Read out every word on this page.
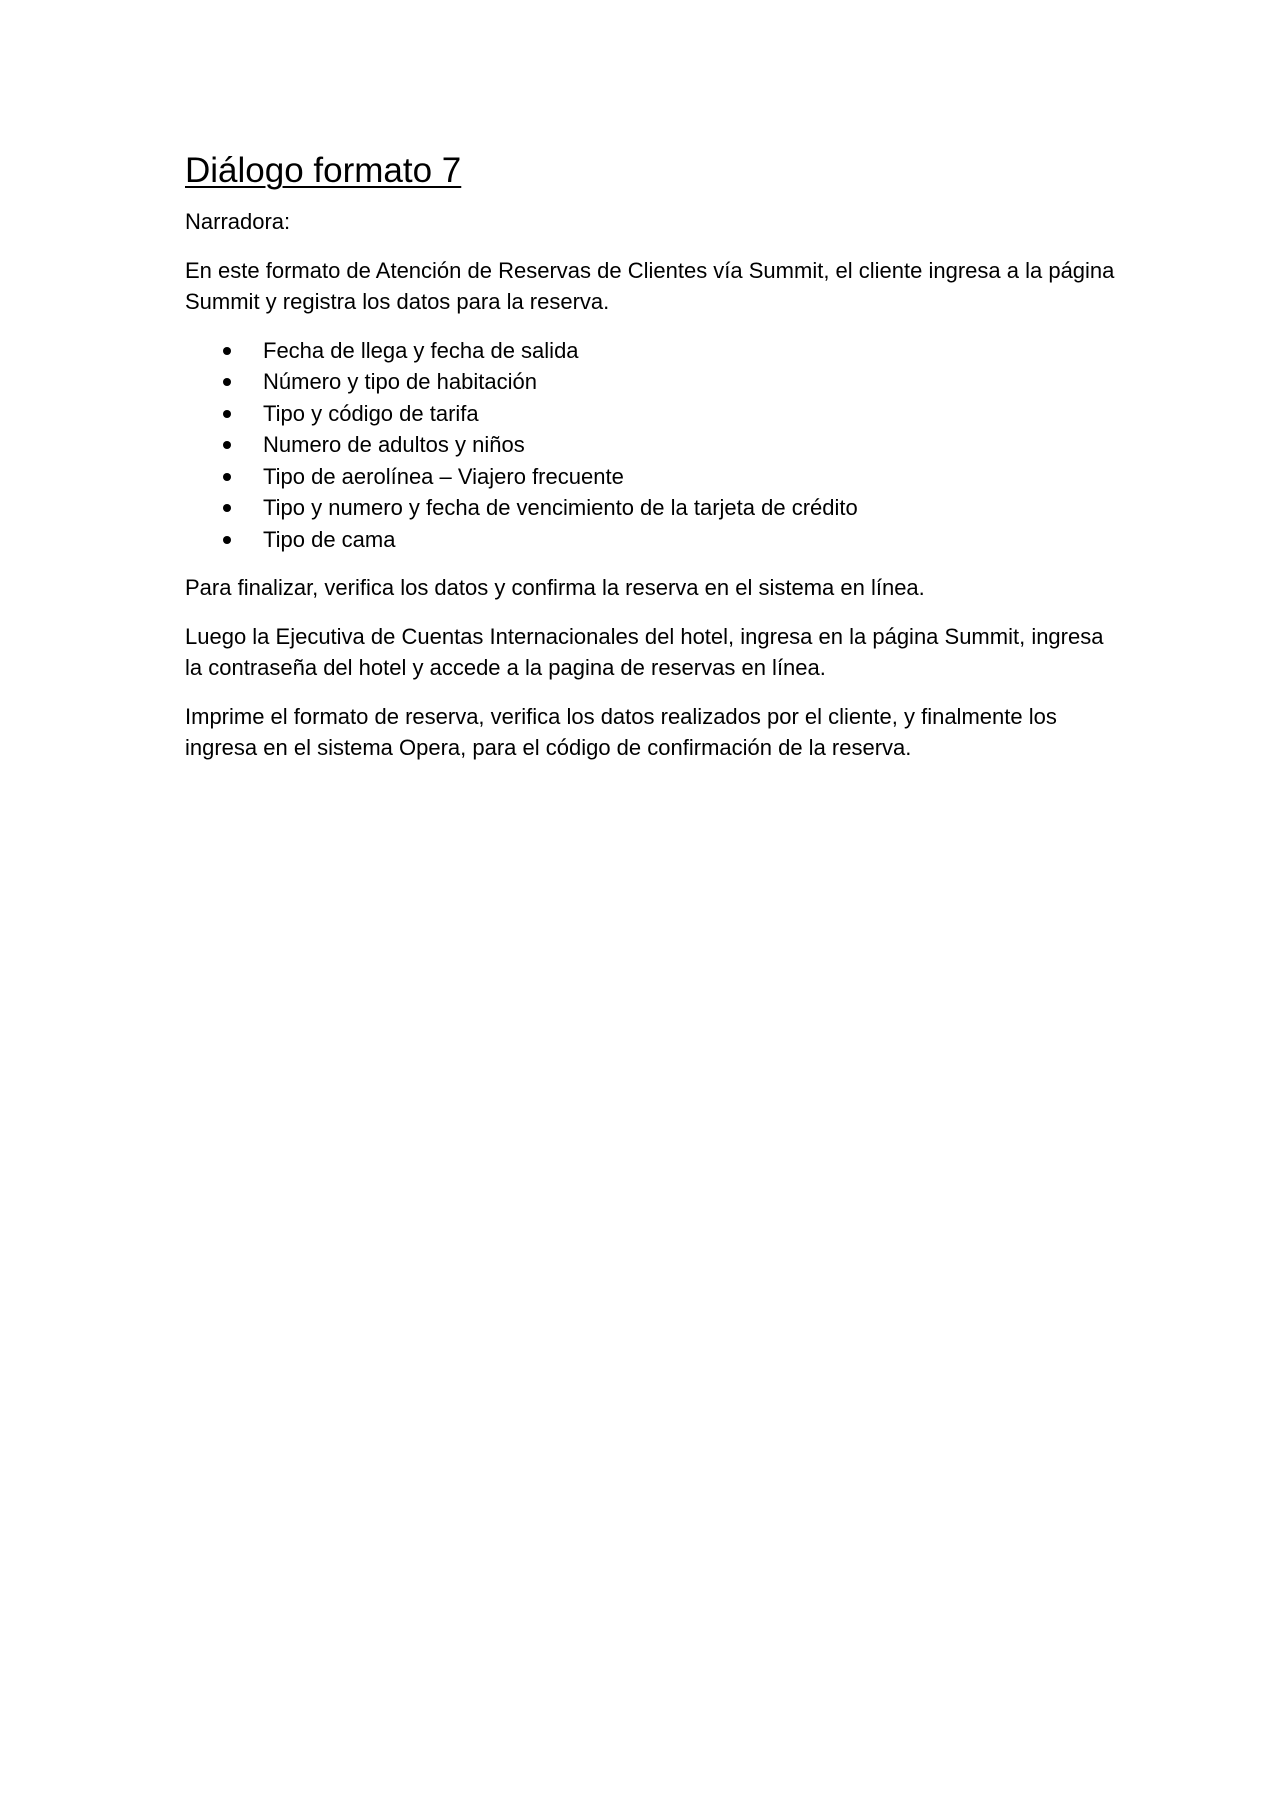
Diálogo formato 7

Narradora:

En este formato de Atención de Reservas de Clientes vía Summit, el cliente ingresa a la página Summit y registra los datos para la reserva.

Fecha de llega y fecha de salida
Número y tipo de habitación
Tipo y código de tarifa
Numero de adultos y niños
Tipo de aerolínea – Viajero frecuente
Tipo y numero y fecha de vencimiento de la tarjeta de crédito
Tipo de cama

Para finalizar, verifica los datos y confirma la reserva en el sistema en línea.

Luego la Ejecutiva de Cuentas Internacionales del hotel, ingresa en la página Summit, ingresa la contraseña del hotel y accede a la pagina de reservas en línea.

Imprime el formato de reserva, verifica los datos realizados por el cliente, y finalmente los ingresa en el sistema Opera, para el código de confirmación de la reserva.
